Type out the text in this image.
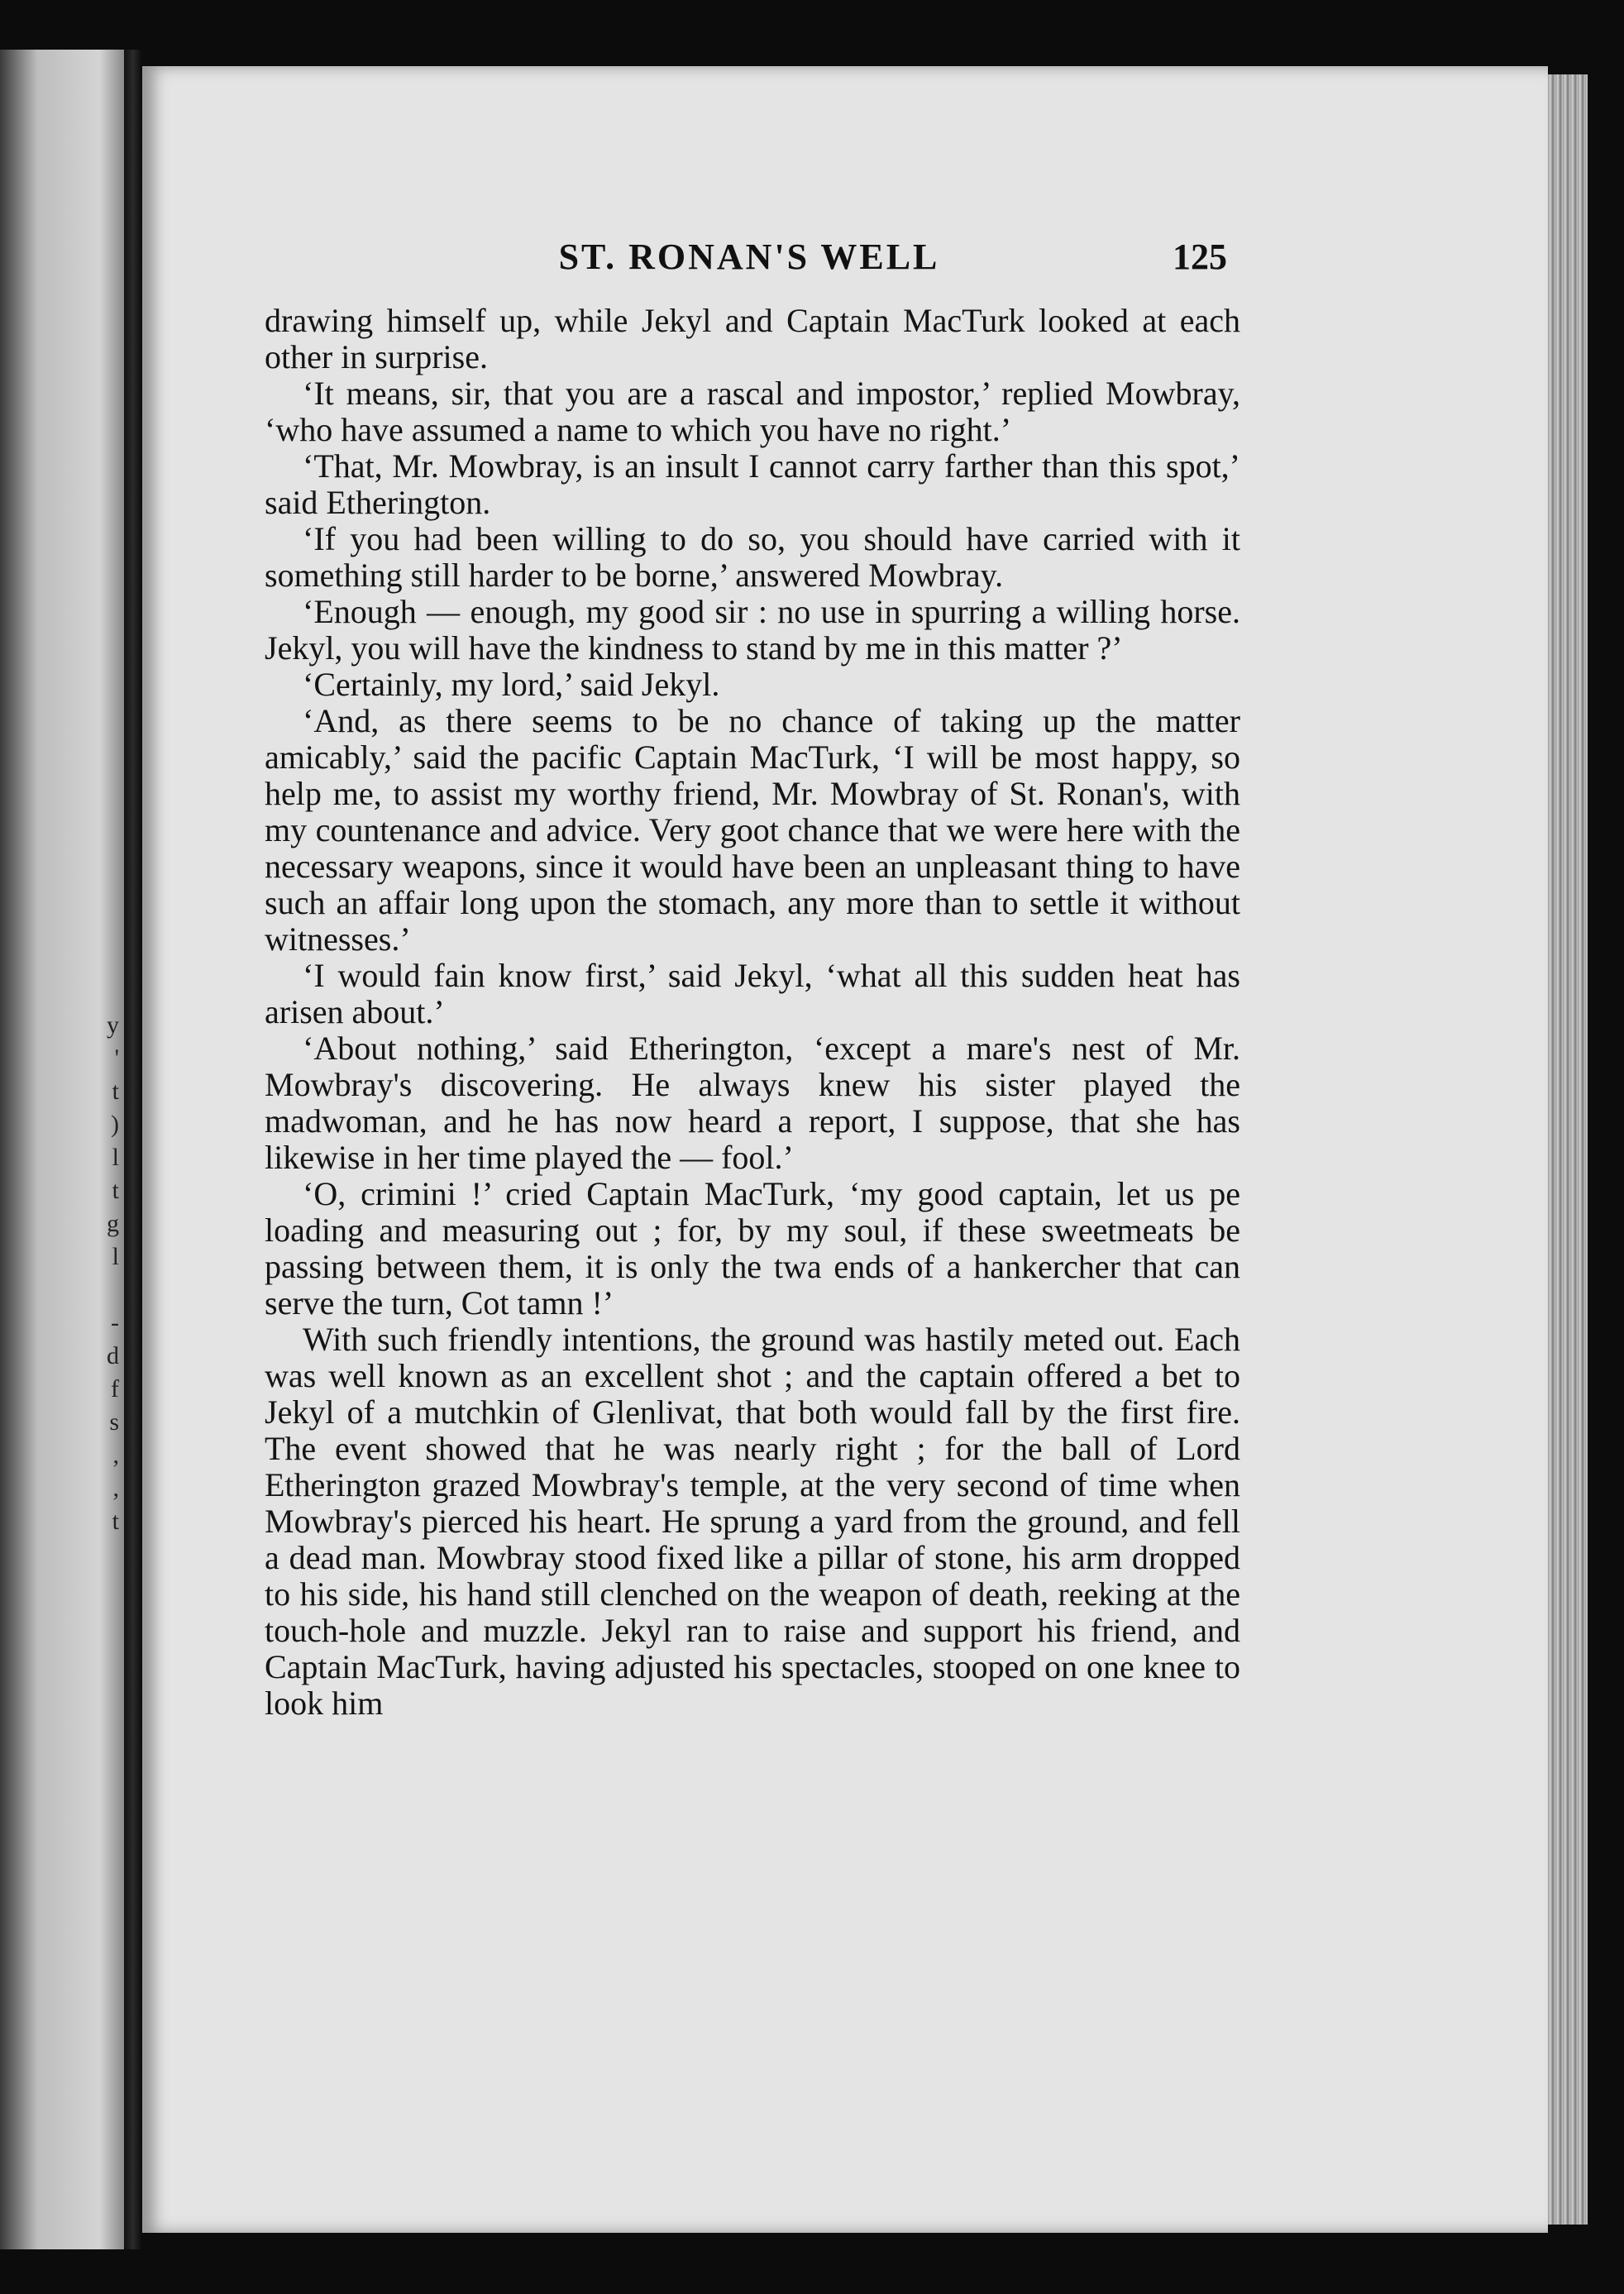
y
'
t
)
l
t
g
l

-
d
f
s
,
,
t
ST. RONAN'S WELL	125

drawing himself up, while Jekyl and Captain MacTurk looked at each other in surprise.

‘It means, sir, that you are a rascal and impostor,’ replied Mowbray, ‘who have assumed a name to which you have no right.’

‘That, Mr. Mowbray, is an insult I cannot carry farther than this spot,’ said Etherington.

‘If you had been willing to do so, you should have carried with it something still harder to be borne,’ answered Mowbray.

‘Enough — enough, my good sir : no use in spurring a willing horse. Jekyl, you will have the kindness to stand by me in this matter ?’

‘Certainly, my lord,’ said Jekyl.

‘And, as there seems to be no chance of taking up the matter amicably,’ said the pacific Captain MacTurk, ‘I will be most happy, so help me, to assist my worthy friend, Mr. Mowbray of St. Ronan's, with my countenance and advice. Very goot chance that we were here with the necessary weapons, since it would have been an unpleasant thing to have such an affair long upon the stomach, any more than to settle it without witnesses.’

‘I would fain know first,’ said Jekyl, ‘what all this sudden heat has arisen about.’

‘About nothing,’ said Etherington, ‘except a mare's nest of Mr. Mowbray's discovering. He always knew his sister played the madwoman, and he has now heard a report, I suppose, that she has likewise in her time played the — fool.’

‘O, crimini !’ cried Captain MacTurk, ‘my good captain, let us pe loading and measuring out ; for, by my soul, if these sweetmeats be passing between them, it is only the twa ends of a hankercher that can serve the turn, Cot tamn !’

With such friendly intentions, the ground was hastily meted out. Each was well known as an excellent shot ; and the captain offered a bet to Jekyl of a mutchkin of Glenlivat, that both would fall by the first fire. The event showed that he was nearly right ; for the ball of Lord Etherington grazed Mowbray's temple, at the very second of time when Mowbray's pierced his heart. He sprung a yard from the ground, and fell a dead man. Mowbray stood fixed like a pillar of stone, his arm dropped to his side, his hand still clenched on the weapon of death, reeking at the touch-hole and muzzle. Jekyl ran to raise and support his friend, and Captain MacTurk, having adjusted his spectacles, stooped on one knee to look him
